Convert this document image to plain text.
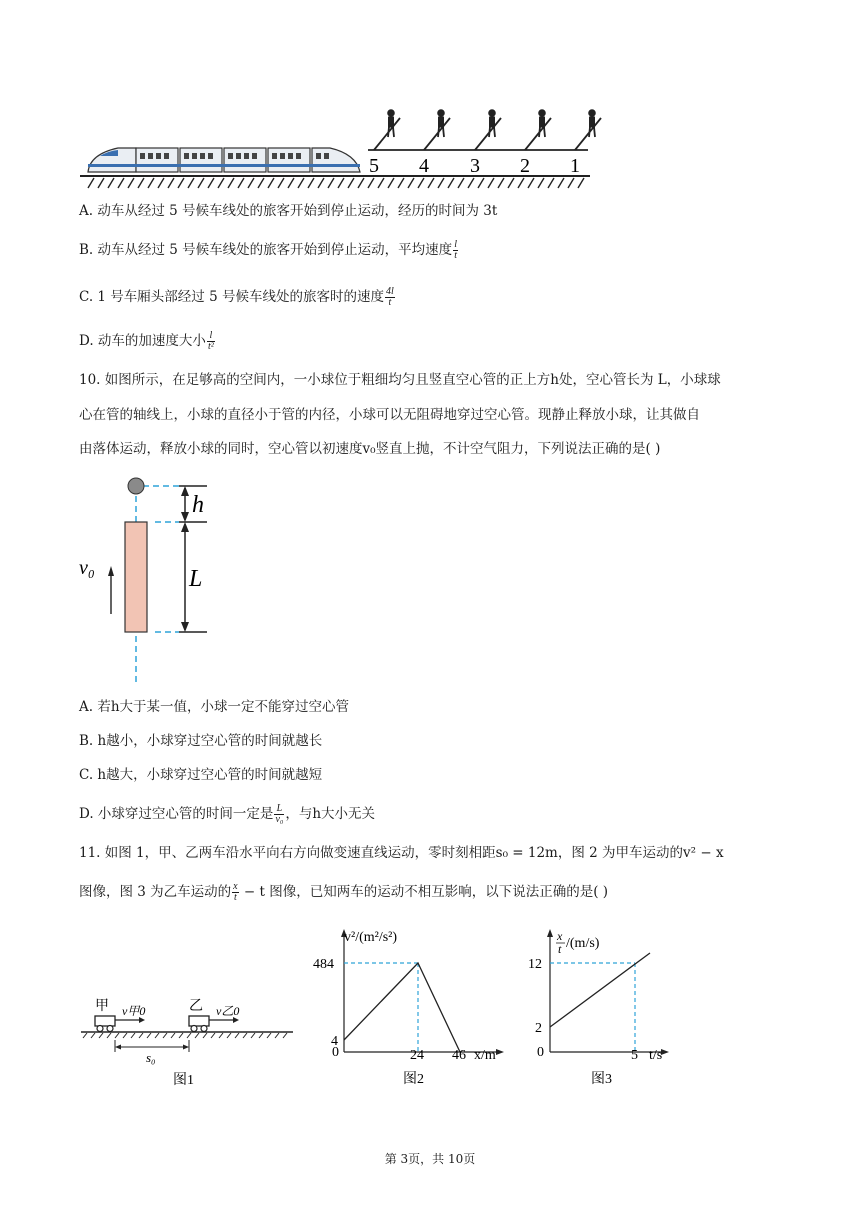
5 4 3 2 1
A. 动车从经过 5 号候车线处的旅客开始到停止运动，经历的时间为 3t
B. 动车从经过 5 号候车线处的旅客开始到停止运动，平均速度 $\frac{l}{t}$
C. 1 号车厢头部经过 5 号候车线处的旅客时的速度 $\frac{4l}{t}$
D. 动车的加速度大小 $\frac{l}{\text{t²}}$
10. 如图所示，在足够高的空间内，一小球位于粗细均匀且竖直空心管的正上方h处，空心管长为 L，小球球
心在管的轴线上，小球的直径小于管的内径，小球可以无阻碍地穿过空心管。现静止释放小球，让其做自
由落体运动，释放小球的同时，空心管以初速度v₀竖直上抛，不计空气阻力，下列说法正确的是( )
h
L
v₀
A. 若h大于某一值，小球一定不能穿过空心管
B. h越小，小球穿过空心管的时间就越长
C. h越大，小球穿过空心管的时间就越短
D. 小球穿过空心管的时间一定是 $\frac{L}{\text{v₀}}$ ，与h大小无关
11. 如图 1，甲、乙两车沿水平向右方向做变速直线运动，零时刻相距s₀ = 12m，图 2 为甲车运动的v² − x
图像，图 3 为乙车运动的 $\frac{x}{t} - t$ 图像，已知两车的运动不相互影响，以下说法正确的是( )
甲	乙
v甲0	v乙0
s₀
图1
v²/(m²/s²)
x/m
0
484
4
24 46
图2
x
t /(m/s)
t/s
0
12
2
5
图3
第 3页，共 10页
